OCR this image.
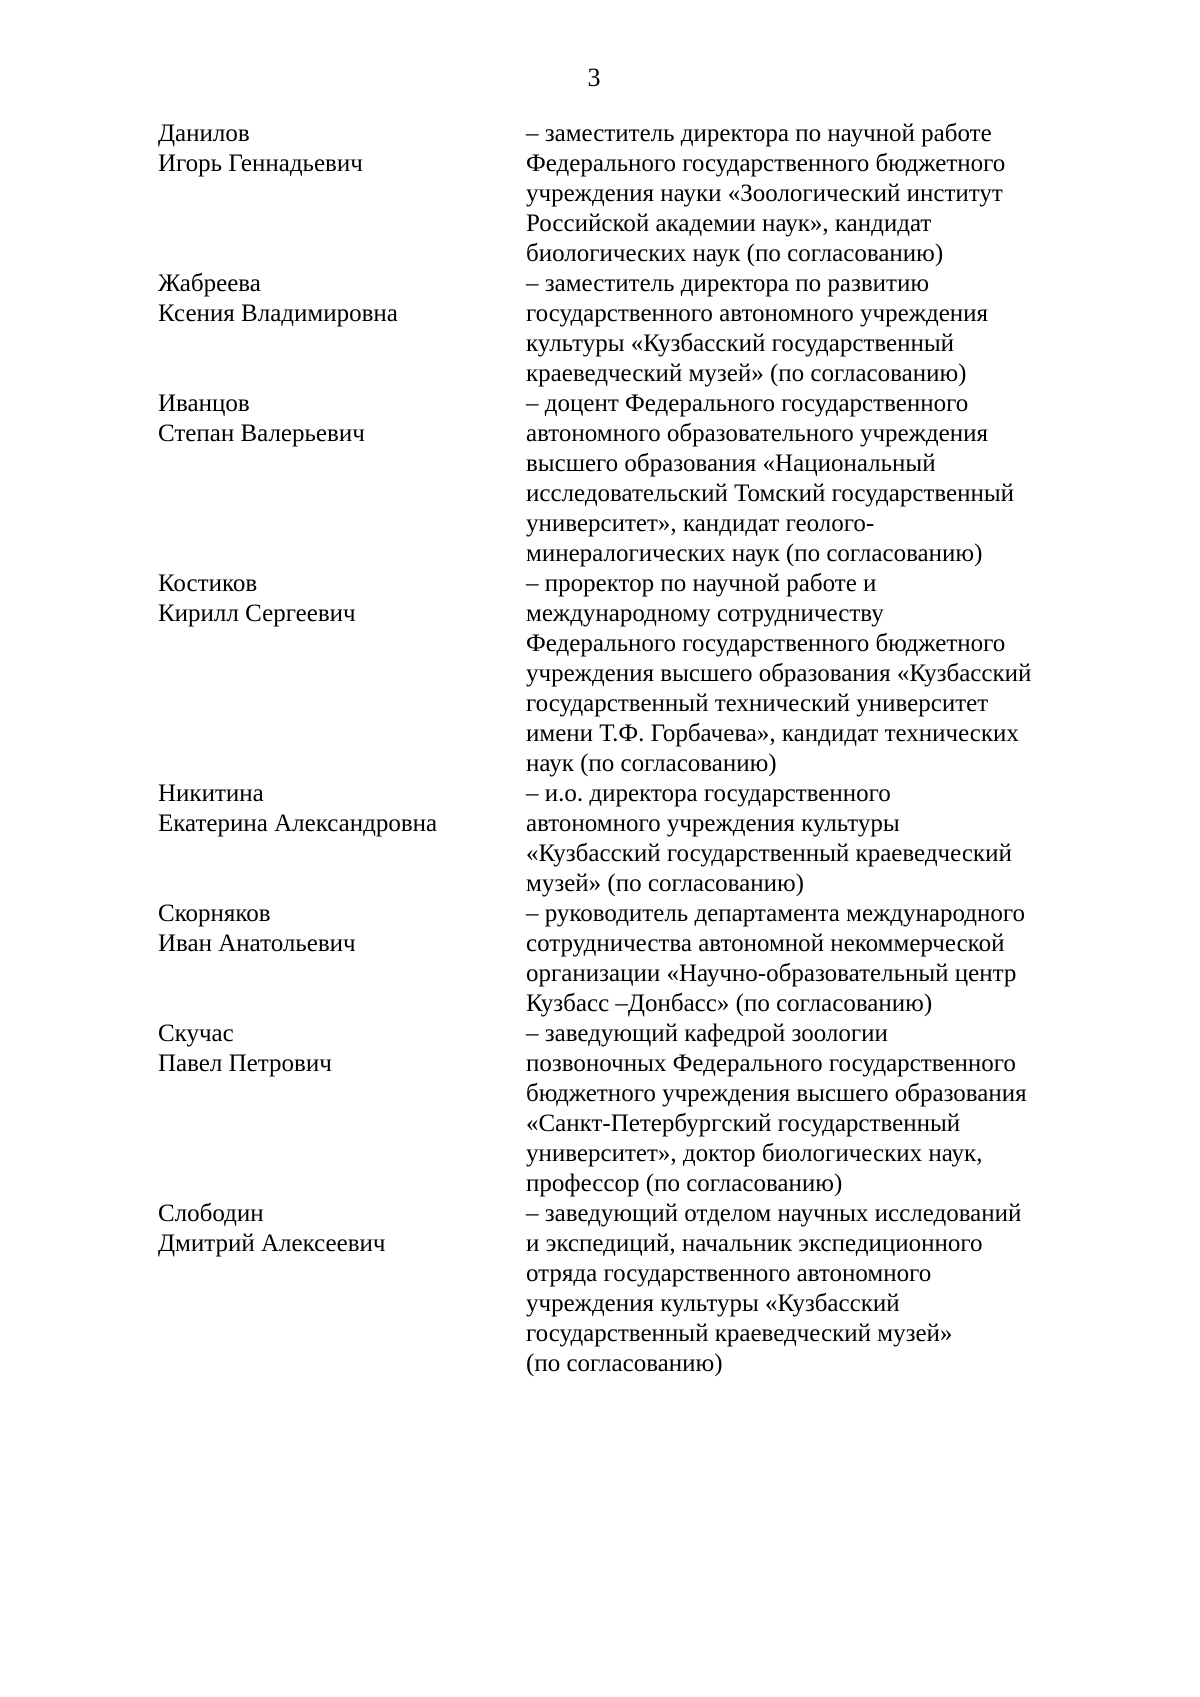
3
Данилов
Игорь Геннадьевич
– заместитель директора по научной работе
Федерального государственного бюджетного
учреждения науки «Зоологический институт
Российской академии наук», кандидат
биологических наук (по согласованию)
Жабреева
Ксения Владимировна
– заместитель директора по развитию
государственного автономного учреждения
культуры «Кузбасский государственный
краеведческий музей» (по согласованию)
Иванцов
Степан Валерьевич
– доцент Федерального государственного
автономного образовательного учреждения
высшего образования «Национальный
исследовательский Томский государственный
университет», кандидат геолого-
минералогических наук (по согласованию)
Костиков
Кирилл Сергеевич
– проректор по научной работе и
международному сотрудничеству
Федерального государственного бюджетного
учреждения высшего образования «Кузбасский
государственный технический университет
имени Т.Ф. Горбачева», кандидат технических
наук (по согласованию)
Никитина
Екатерина Александровна
– и.о. директора государственного
автономного учреждения культуры
«Кузбасский государственный краеведческий
музей» (по согласованию)
Скорняков
Иван Анатольевич
– руководитель департамента международного
сотрудничества автономной некоммерческой
организации «Научно-образовательный центр
Кузбасс –Донбасс» (по согласованию)
Скучас
Павел Петрович
– заведующий кафедрой зоологии
позвоночных Федерального государственного
бюджетного учреждения высшего образования
«Санкт-Петербургский государственный
университет», доктор биологических наук,
профессор (по согласованию)
Слободин
Дмитрий Алексеевич
– заведующий отделом научных исследований
и экспедиций, начальник экспедиционного
отряда государственного автономного
учреждения культуры «Кузбасский
государственный краеведческий музей»
(по согласованию)
